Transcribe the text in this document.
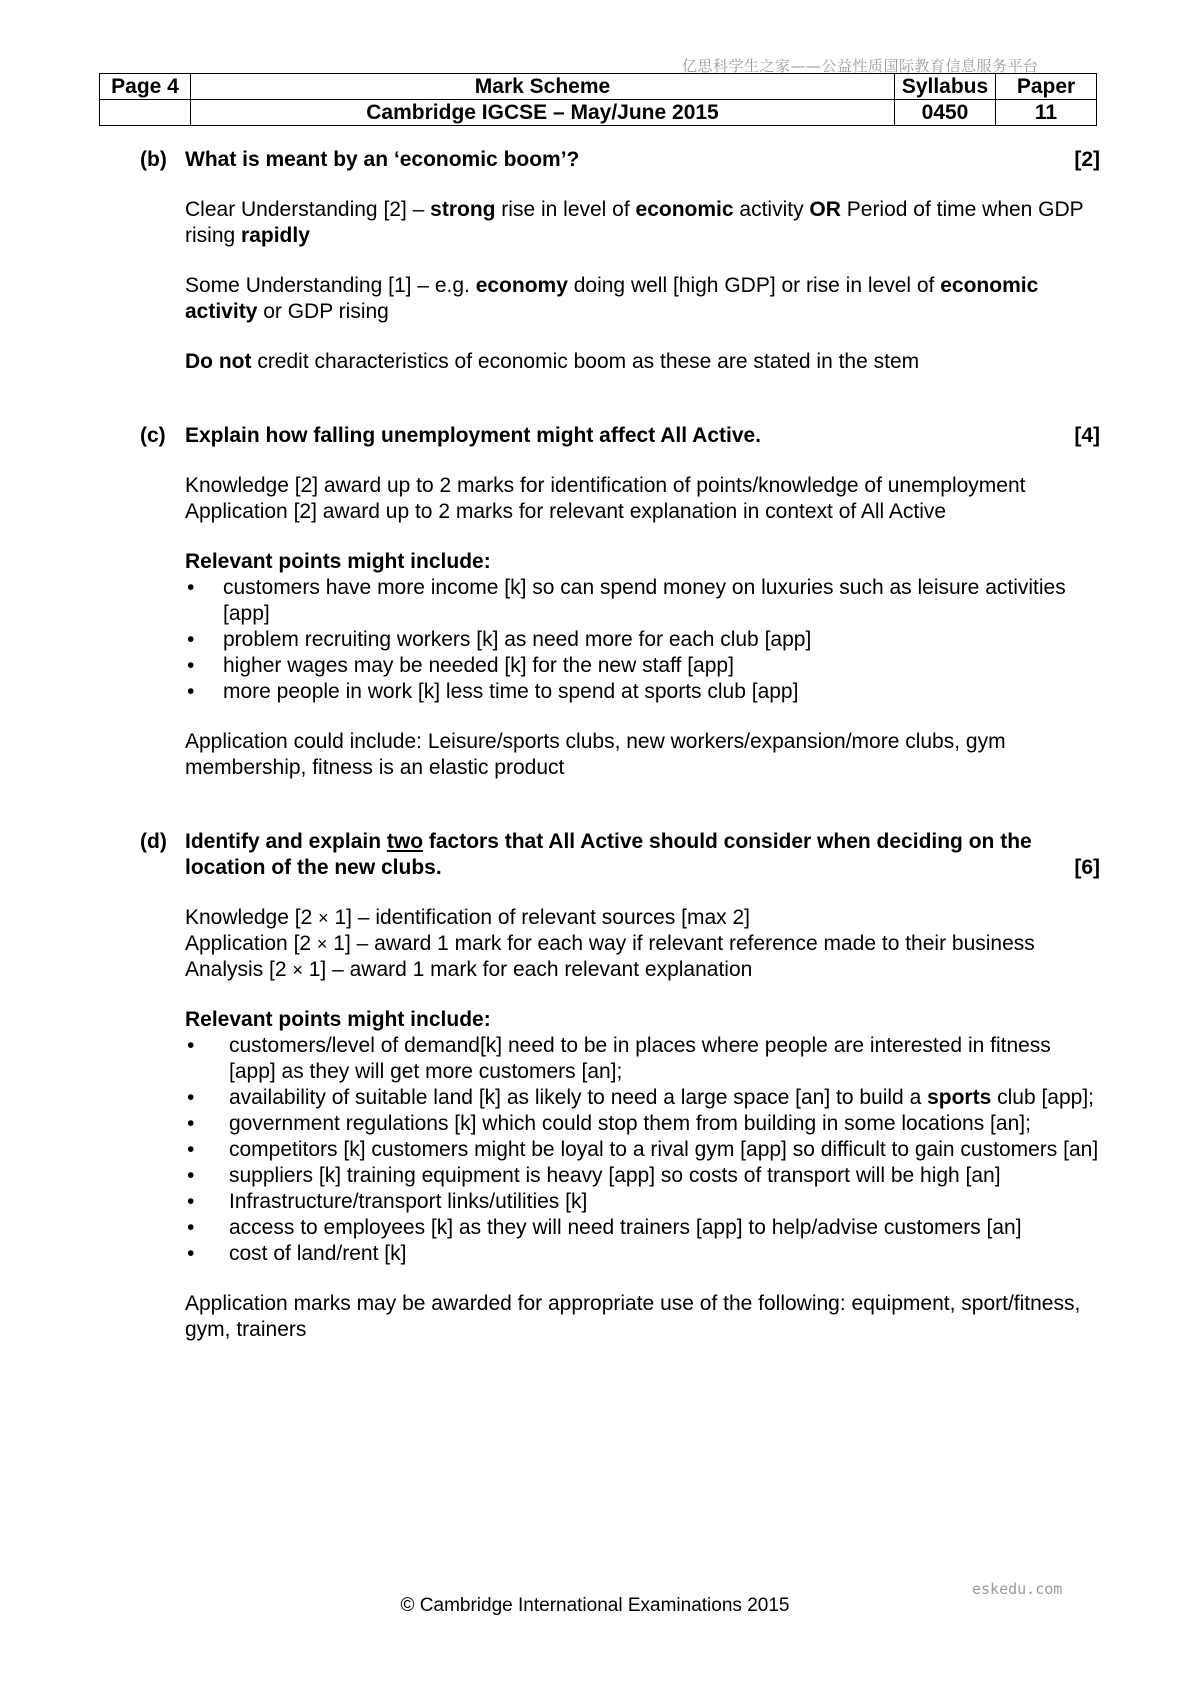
亿思科学生之家——公益性质国际教育信息服务平台
Page 4	Mark Scheme	Syllabus	Paper
	Cambridge IGCSE – May/June 2015	0450	11
(b) What is meant by an ‘economic boom’?	[2]

Clear Understanding [2] – strong rise in level of economic activity OR Period of time when GDP rising rapidly

Some Understanding [1] – e.g. economy doing well [high GDP] or rise in level of economic activity or GDP rising

Do not credit characteristics of economic boom as these are stated in the stem

(c) Explain how falling unemployment might affect All Active.	[4]

Knowledge [2] award up to 2 marks for identification of points/knowledge of unemployment

Application [2] award up to 2 marks for relevant explanation in context of All Active

Relevant points might include:
•	customers have more income [k] so can spend money on luxuries such as leisure activities [app]
•	problem recruiting workers [k] as need more for each club [app]
•	higher wages may be needed [k] for the new staff [app]
•	more people in work [k] less time to spend at sports club [app]

Application could include: Leisure/sports clubs, new workers/expansion/more clubs, gym membership, fitness is an elastic product

(d) Identify and explain two factors that All Active should consider when deciding on the
location of the new clubs.	[6]

Knowledge [2 × 1] – identification of relevant sources [max 2]

Application [2 × 1] – award 1 mark for each way if relevant reference made to their business

Analysis [2 × 1] – award 1 mark for each relevant explanation

Relevant points might include:
•	customers/level of demand[k] need to be in places where people are interested in fitness [app] as they will get more customers [an];
•	availability of suitable land [k] as likely to need a large space [an] to build a sports club [app];
•	government regulations [k] which could stop them from building in some locations [an];
•	competitors [k] customers might be loyal to a rival gym [app] so difficult to gain customers [an]
•	suppliers [k] training equipment is heavy [app] so costs of transport will be high [an]
•	Infrastructure/transport links/utilities [k]
•	access to employees [k] as they will need trainers [app] to help/advise customers [an]
•	cost of land/rent [k]

Application marks may be awarded for appropriate use of the following: equipment, sport/fitness, gym, trainers

eskedu.com
© Cambridge International Examinations 2015
